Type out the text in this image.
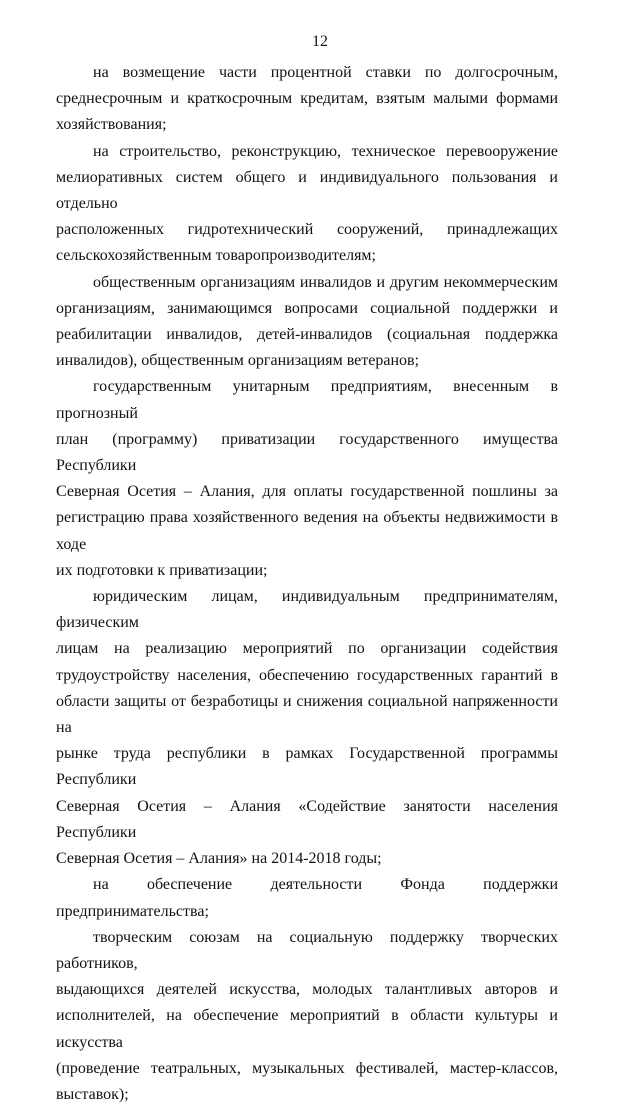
12

на возмещение части процентной ставки по долгосрочным,
среднесрочным и краткосрочным кредитам, взятым малыми формами
хозяйствования;

на строительство, реконструкцию, техническое перевооружение
мелиоративных систем общего и индивидуального пользования и отдельно
расположенных гидротехнический сооружений, принадлежащих
сельскохозяйственным товаропроизводителям;

общественным организациям инвалидов и другим некоммерческим
организациям, занимающимся вопросами социальной поддержки и
реабилитации инвалидов, детей-инвалидов (социальная поддержка
инвалидов), общественным организациям ветеранов;

государственным унитарным предприятиям, внесенным в прогнозный
план (программу) приватизации государственного имущества Республики
Северная Осетия – Алания, для оплаты государственной пошлины за
регистрацию права хозяйственного ведения на объекты недвижимости в ходе
их подготовки к приватизации;

юридическим лицам, индивидуальным предпринимателям, физическим
лицам на реализацию мероприятий по организации содействия
трудоустройству населения, обеспечению государственных гарантий в
области защиты от безработицы и снижения социальной напряженности на
рынке труда республики в рамках Государственной программы Республики
Северная Осетия – Алания «Содействие занятости населения Республики
Северная Осетия – Алания» на 2014-2018 годы;

на обеспечение деятельности Фонда поддержки предпринимательства;

творческим союзам на социальную поддержку творческих работников,
выдающихся деятелей искусства, молодых талантливых авторов и
исполнителей, на обеспечение мероприятий в области культуры и искусства
(проведение театральных, музыкальных фестивалей, мастер-классов,
выставок);
